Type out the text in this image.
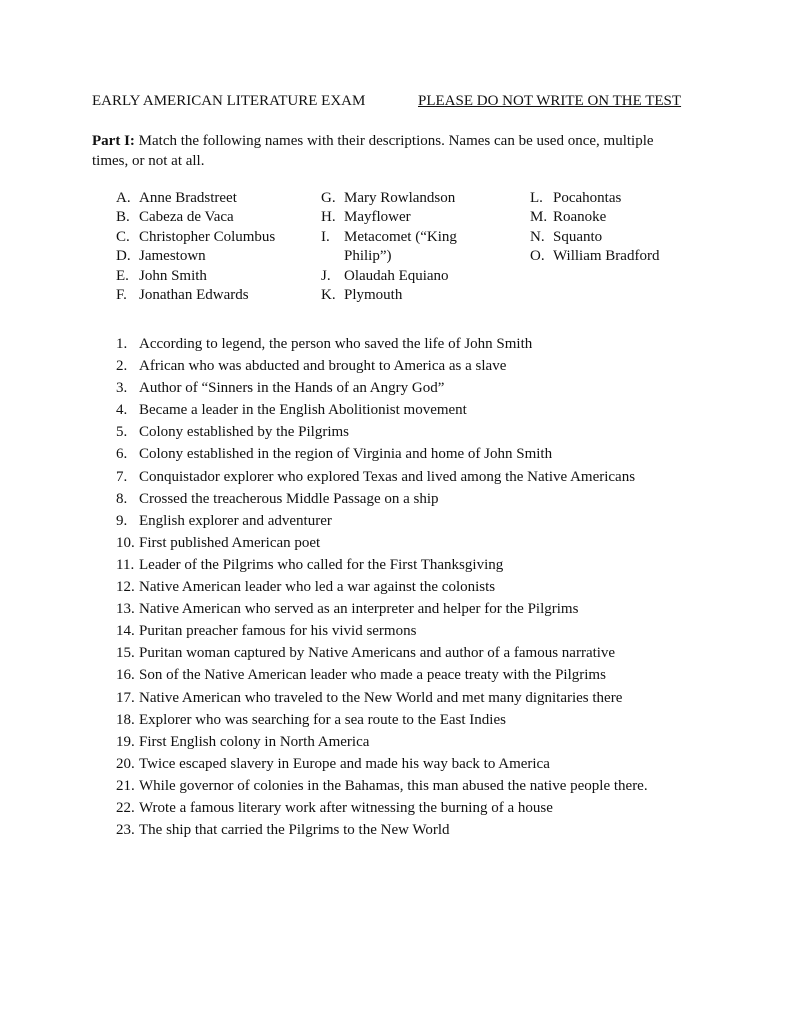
EARLY AMERICAN LITERATURE EXAM	PLEASE DO NOT WRITE ON THE TEST
Part I: Match the following names with their descriptions. Names can be used once, multiple times, or not at all.
A. Anne Bradstreet
B. Cabeza de Vaca
C. Christopher Columbus
D. Jamestown
E. John Smith
F. Jonathan Edwards
G. Mary Rowlandson
H. Mayflower
I. Metacomet (“King Philip”)
J. Olaudah Equiano
K. Plymouth
L. Pocahontas
M. Roanoke
N. Squanto
O. William Bradford
1. According to legend, the person who saved the life of John Smith
2. African who was abducted and brought to America as a slave
3. Author of “Sinners in the Hands of an Angry God”
4. Became a leader in the English Abolitionist movement
5. Colony established by the Pilgrims
6. Colony established in the region of Virginia and home of John Smith
7. Conquistador explorer who explored Texas and lived among the Native Americans
8. Crossed the treacherous Middle Passage on a ship
9. English explorer and adventurer
10. First published American poet
11. Leader of the Pilgrims who called for the First Thanksgiving
12. Native American leader who led a war against the colonists
13. Native American who served as an interpreter and helper for the Pilgrims
14. Puritan preacher famous for his vivid sermons
15. Puritan woman captured by Native Americans and author of a famous narrative
16. Son of the Native American leader who made a peace treaty with the Pilgrims
17. Native American who traveled to the New World and met many dignitaries there
18. Explorer who was searching for a sea route to the East Indies
19. First English colony in North America
20. Twice escaped slavery in Europe and made his way back to America
21. While governor of colonies in the Bahamas, this man abused the native people there.
22. Wrote a famous literary work after witnessing the burning of a house
23. The ship that carried the Pilgrims to the New World
